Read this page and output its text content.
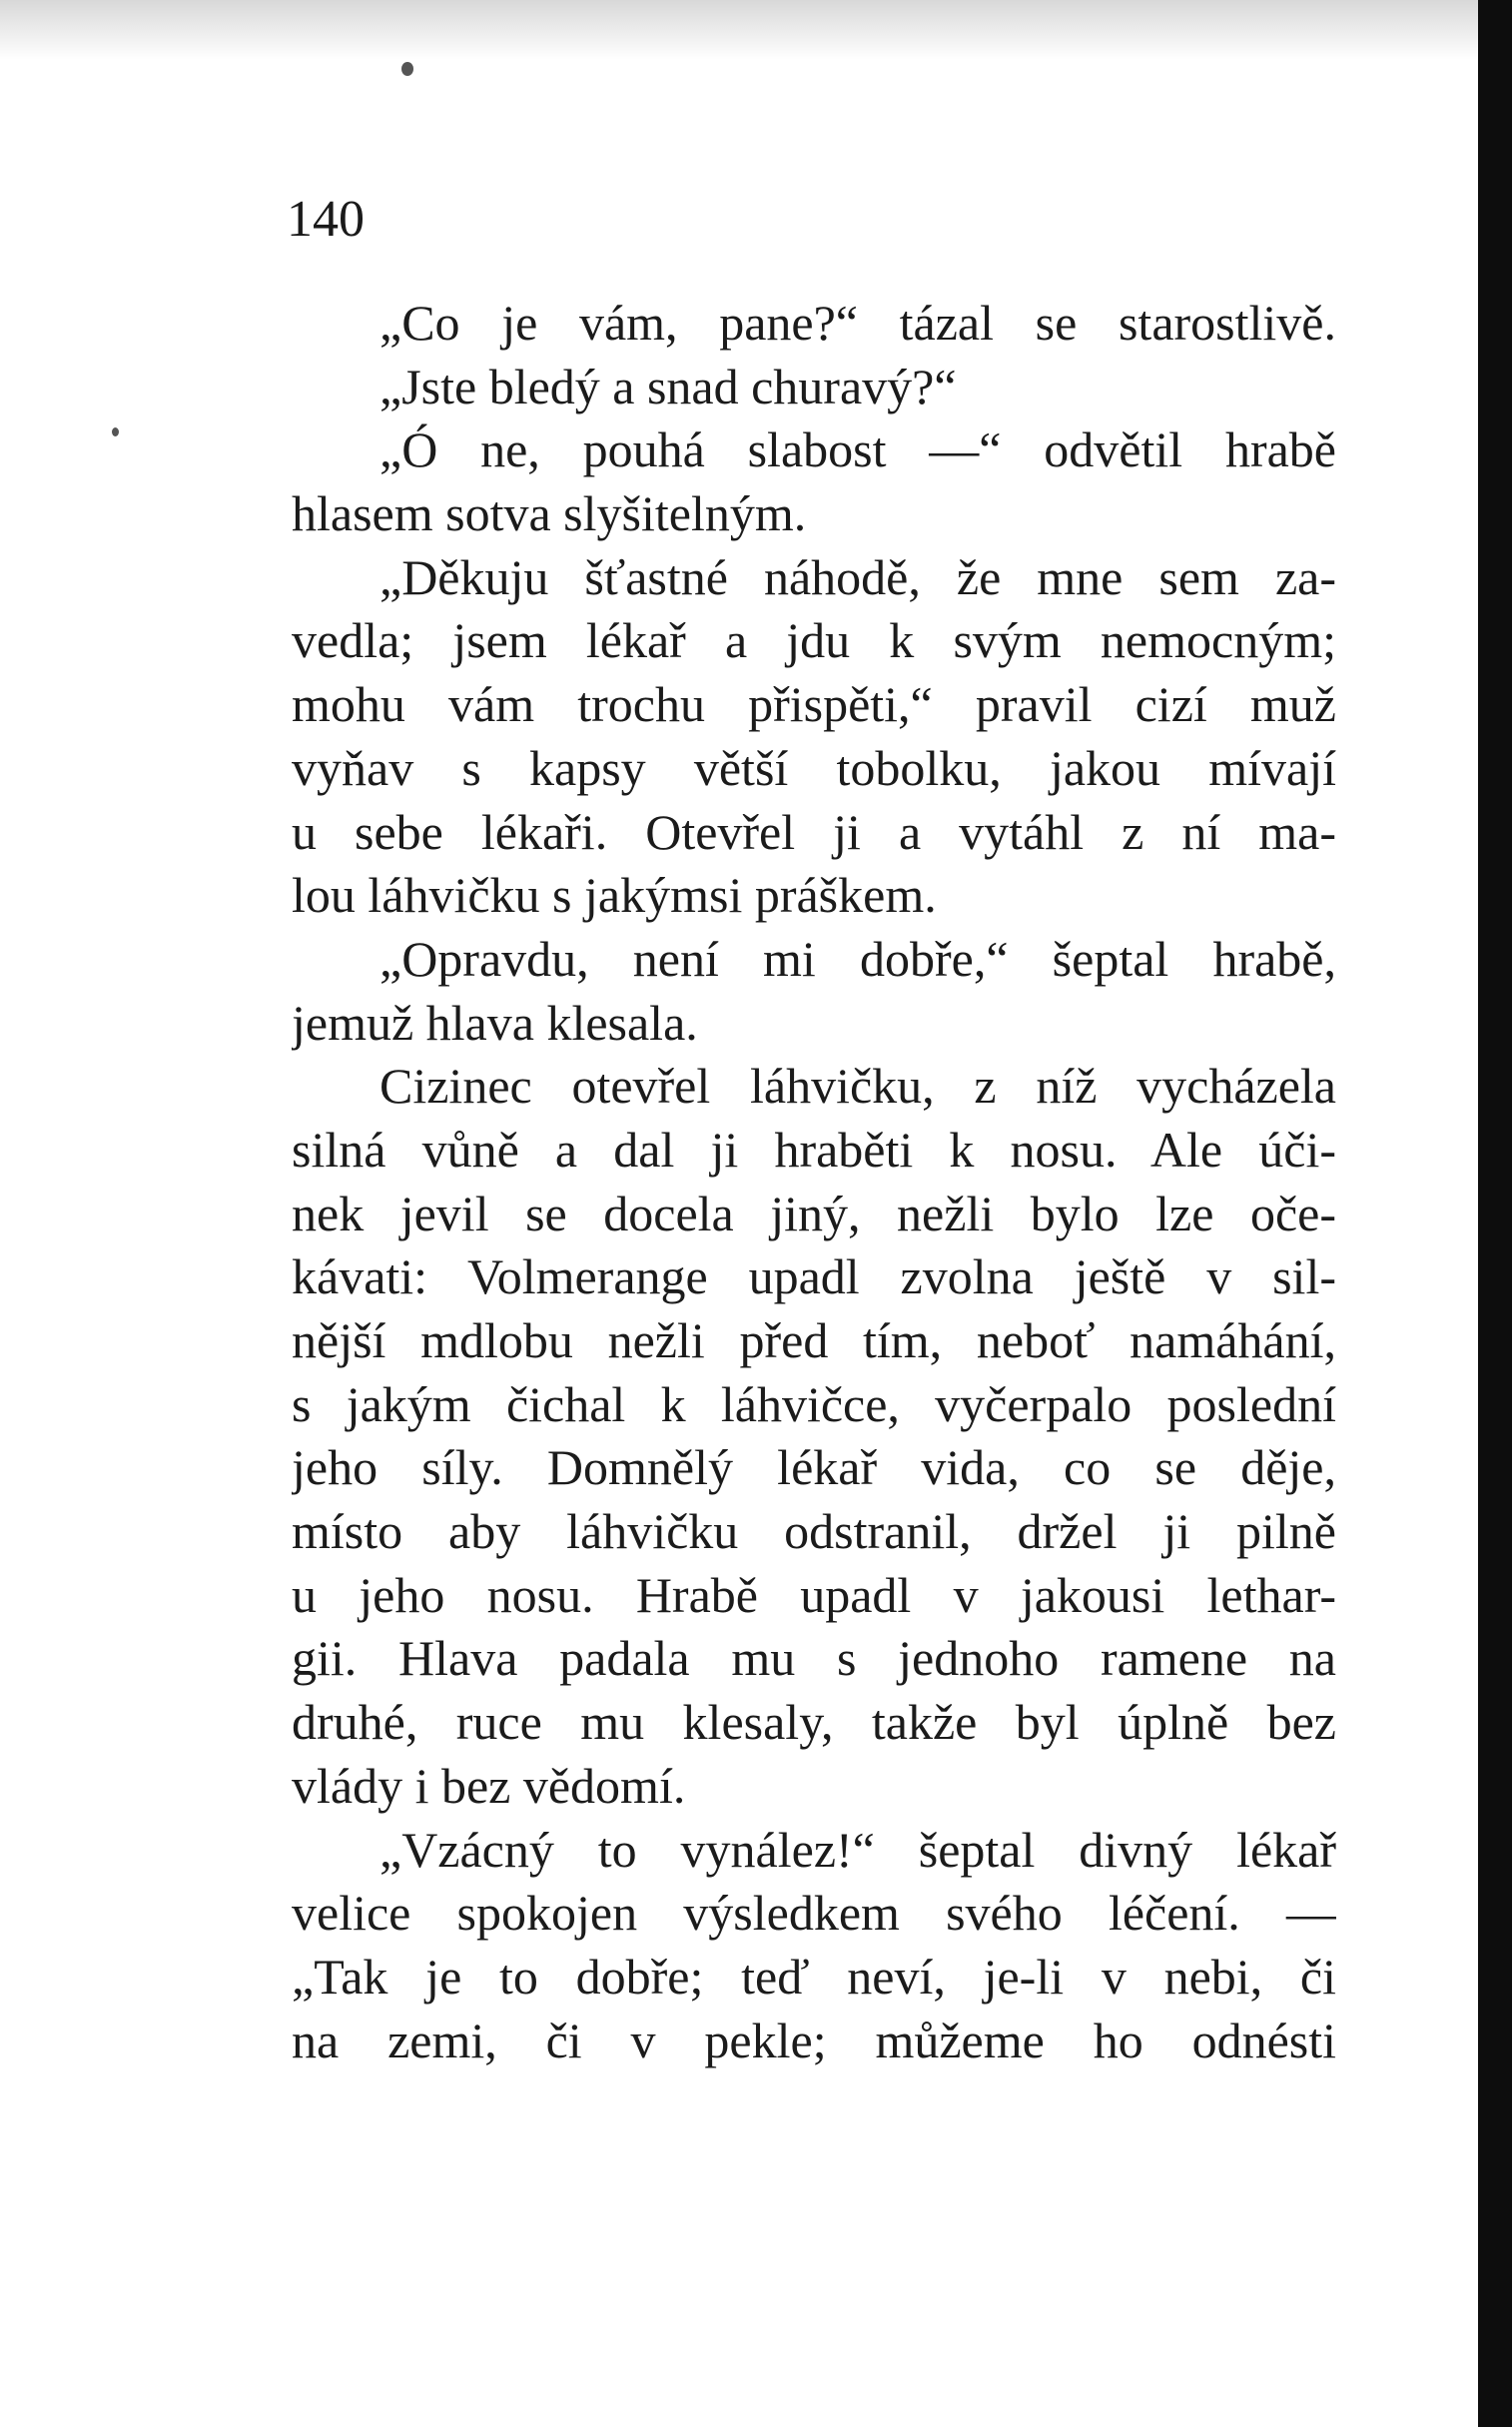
140
„Co je vám, pane?“ tázal se starostlivě.
„Jste bledý a snad churavý?“
„Ó ne, pouhá slabost —“ odvětil hrabě
hlasem sotva slyšitelným.
„Děkuju šťastné náhodě, že mne sem za-
vedla; jsem lékař a jdu k svým nemocným;
mohu vám trochu přispěti,“ pravil cizí muž
vyňav s kapsy větší tobolku, jakou mívají
u sebe lékaři. Otevřel ji a vytáhl z ní ma-
lou láhvičku s jakýmsi práškem.
„Opravdu, není mi dobře,“ šeptal hrabě,
jemuž hlava klesala.
Cizinec otevřel láhvičku, z níž vycházela
silná vůně a dal ji hraběti k nosu. Ale úči-
nek jevil se docela jiný, nežli bylo lze oče-
kávati: Volmerange upadl zvolna ještě v sil-
nější mdlobu nežli před tím, neboť namáhání,
s jakým čichal k láhvičce, vyčerpalo poslední
jeho síly. Domnělý lékař vida, co se děje,
místo aby láhvičku odstranil, držel ji pilně
u jeho nosu. Hrabě upadl v jakousi lethar-
gii. Hlava padala mu s jednoho ramene na
druhé, ruce mu klesaly, takže byl úplně bez
vlády i bez vědomí.
„Vzácný to vynález!“ šeptal divný lékař
velice spokojen výsledkem svého léčení. —
„Tak je to dobře; teď neví, je-li v nebi, či
na zemi, či v pekle; můžeme ho odnésti
